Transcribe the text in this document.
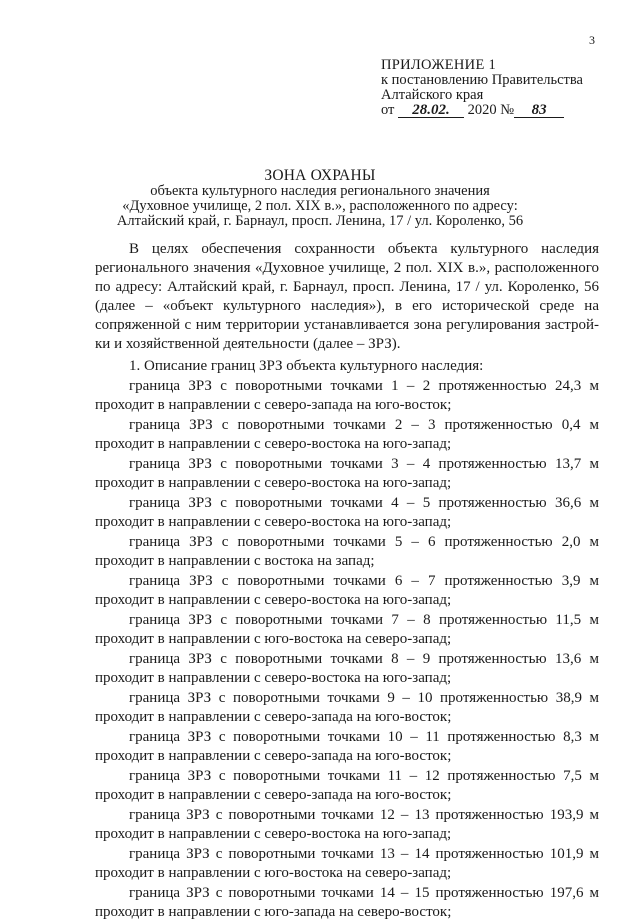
3
ПРИЛОЖЕНИЕ 1
к постановлению Правительства
Алтайского края
от 28.02. 2020 № 83
ЗОНА ОХРАНЫ
объекта культурного наследия регионального значения
«Духовное училище, 2 пол. XIX в.», расположенного по адресу:
Алтайский край, г. Барнаул, просп. Ленина, 17 / ул. Короленко, 56

В целях обеспечения сохранности объекта культурного наследия регионального значения «Духовное училище, 2 пол. XIX в.», расположенного по адресу: Алтайский край, г. Барнаул, просп. Ленина, 17 / ул. Короленко, 56 (далее – «объект культурного наследия»), в его исторической среде на сопряженной с ним территории устанавливается зона регулирования застрой-ки и хозяйственной деятельности (далее – ЗРЗ).

1. Описание границ ЗРЗ объекта культурного наследия:

граница ЗРЗ с поворотными точками 1 – 2 протяженностью 24,3 м
проходит в направлении с северо-запада на юго-восток;

граница ЗРЗ с поворотными точками 2 – 3 протяженностью 0,4 м
проходит в направлении с северо-востока на юго-запад;

граница ЗРЗ с поворотными точками 3 – 4 протяженностью 13,7 м
проходит в направлении с северо-востока на юго-запад;

граница ЗРЗ с поворотными точками 4 – 5 протяженностью 36,6 м
проходит в направлении с северо-востока на юго-запад;

граница ЗРЗ с поворотными точками 5 – 6 протяженностью 2,0 м
проходит в направлении с востока на запад;

граница ЗРЗ с поворотными точками 6 – 7 протяженностью 3,9 м
проходит в направлении с северо-востока на юго-запад;

граница ЗРЗ с поворотными точками 7 – 8 протяженностью 11,5 м
проходит в направлении с юго-востока на северо-запад;

граница ЗРЗ с поворотными точками 8 – 9 протяженностью 13,6 м
проходит в направлении с северо-востока на юго-запад;

граница ЗРЗ с поворотными точками 9 – 10 протяженностью 38,9 м
проходит в направлении с северо-запада на юго-восток;

граница ЗРЗ с поворотными точками 10 – 11 протяженностью 8,3 м
проходит в направлении с северо-запада на юго-восток;

граница ЗРЗ с поворотными точками 11 – 12 протяженностью 7,5 м
проходит в направлении с северо-запада на юго-восток;

граница ЗРЗ с поворотными точками 12 – 13 протяженностью 193,9 м
проходит в направлении с северо-востока на юго-запад;

граница ЗРЗ с поворотными точками 13 – 14 протяженностью 101,9 м
проходит в направлении с юго-востока на северо-запад;

граница ЗРЗ с поворотными точками 14 – 15 протяженностью 197,6 м
проходит в направлении с юго-запада на северо-восток;
